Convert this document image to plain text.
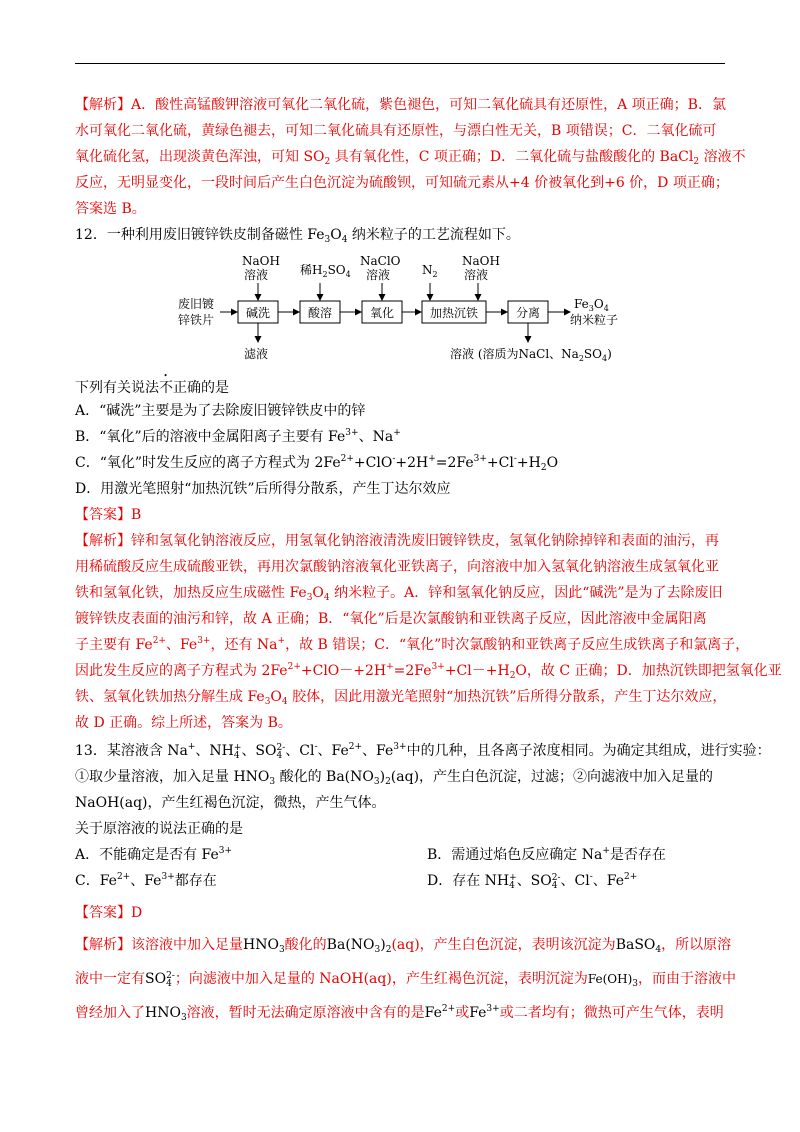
【解析】A．酸性高锰酸钾溶液可氧化二氧化硫，紫色褪色，可知二氧化硫具有还原性，A 项正确；B．氯
水可氧化二氧化硫，黄绿色褪去，可知二氧化硫具有还原性，与漂白性无关，B 项错误；C．二氧化硫可
氧化硫化氢，出现淡黄色浑浊，可知 $SO_2$ 具有氧化性，C 项正确；D．二氧化硫与盐酸酸化的 BaCl$_2$ 溶液不
反应，无明显变化，一段时间后产生白色沉淀为硫酸钡，可知硫元素从+4 价被氧化到+6 价，D 项正确；
答案选 B。
12．一种利用废旧镀锌铁皮制备磁性 $Fe_3O_4$ 纳米粒子的工艺流程如下。
废旧镀
锌铁片	碱洗	酸溶	氧化	加热沉铁	分离
NaOH
溶液	稀$H_2SO_4$
NaClO
溶液	$N_2$
NaOH
溶液
$Fe_3O_4$
纳米粒子
滤液	溶液 (溶质为NaCl、$Na_2SO_4$)
下列有关说法不正确的是
A．“碱洗”主要是为了去除废旧镀锌铁皮中的锌
B．“氧化”后的溶液中金属阳离子主要有 $Fe^{3+}$、Na+
C．“氧化”时发生反应的离子方程式为 $2Fe^{2+}+ClO^-+2H^+=2Fe^{3+}+Cl^-+H_2O$
D．用激光笔照射“加热沉铁”后所得分散系，产生丁达尔效应
【答案】B
【解析】锌和氢氧化钠溶液反应，用氢氧化钠溶液清洗废旧镀锌铁皮，氢氧化钠除掉锌和表面的油污，再
用稀硫酸反应生成硫酸亚铁，再用次氯酸钠溶液氧化亚铁离子，向溶液中加入氢氧化钠溶液生成氢氧化亚
铁和氢氧化铁，加热反应生成磁性 $Fe_3O_4$ 纳米粒子。A．锌和氢氧化钠反应，因此“碱洗”是为了去除废旧
镀锌铁皮表面的油污和锌，故 A 正确；B．“氧化”后是次氯酸钠和亚铁离子反应，因此溶液中金属阳离
子主要有 $Fe^{2+}$、$Fe^{3+}$，还有 Na+，故 B 错误；C．“氧化”时次氯酸钠和亚铁离子反应生成铁离子和氯离子，
因此发生反应的离子方程式为 $2Fe^{2+}+ClO-+2H^+=2Fe^{3+}+Cl-+H_2O$，故 C 正确；D．加热沉铁即把氢氧化亚
铁、氢氧化铁加热分解生成 $Fe_3O_4$ 胶体，因此用激光笔照射“加热沉铁”后所得分散系，产生丁达尔效应，
故 D 正确。综上所述，答案为 B。
13．某溶液含 Na+、NH +
4 、SO 2-
4 、Cl-、$Fe^{2+}$、$Fe^{3+}$中的几种，且各离子浓度相同。为确定其组成，进行实验：
①取少量溶液，加入足量 $HNO_3$ 酸化的 $Ba(NO_3)_2(aq)$，产生白色沉淀，过滤；②向滤液中加入足量的
NaOH(aq)，产生红褐色沉淀，微热，产生气体。
关于原溶液的说法正确的是
A．不能确定是否有 $Fe^{3+}$	B．需通过焰色反应确定 Na+是否存在
C．$Fe^{2+}$、$Fe^{3+}$都存在	D．存在 NH +
4 、SO 2-
4 、Cl-、$Fe^{2+}$
【答案】D
【解析】该溶液中加入足量$HNO_3$酸化的$Ba(NO_3)_2(aq)$，产生白色沉淀，表明该沉淀为BaSO$_4$，所以原溶
液中一定有SO 2-
4 ；向滤液中加入足量的 NaOH(aq)，产生红褐色沉淀，表明沉淀为$Fe(OH)_3$，而由于溶液中
曾经加入了$HNO_3$溶液，暂时无法确定原溶液中含有的是$Fe^{2+}$或$Fe^{3+}$或二者均有；微热可产生气体，表明
